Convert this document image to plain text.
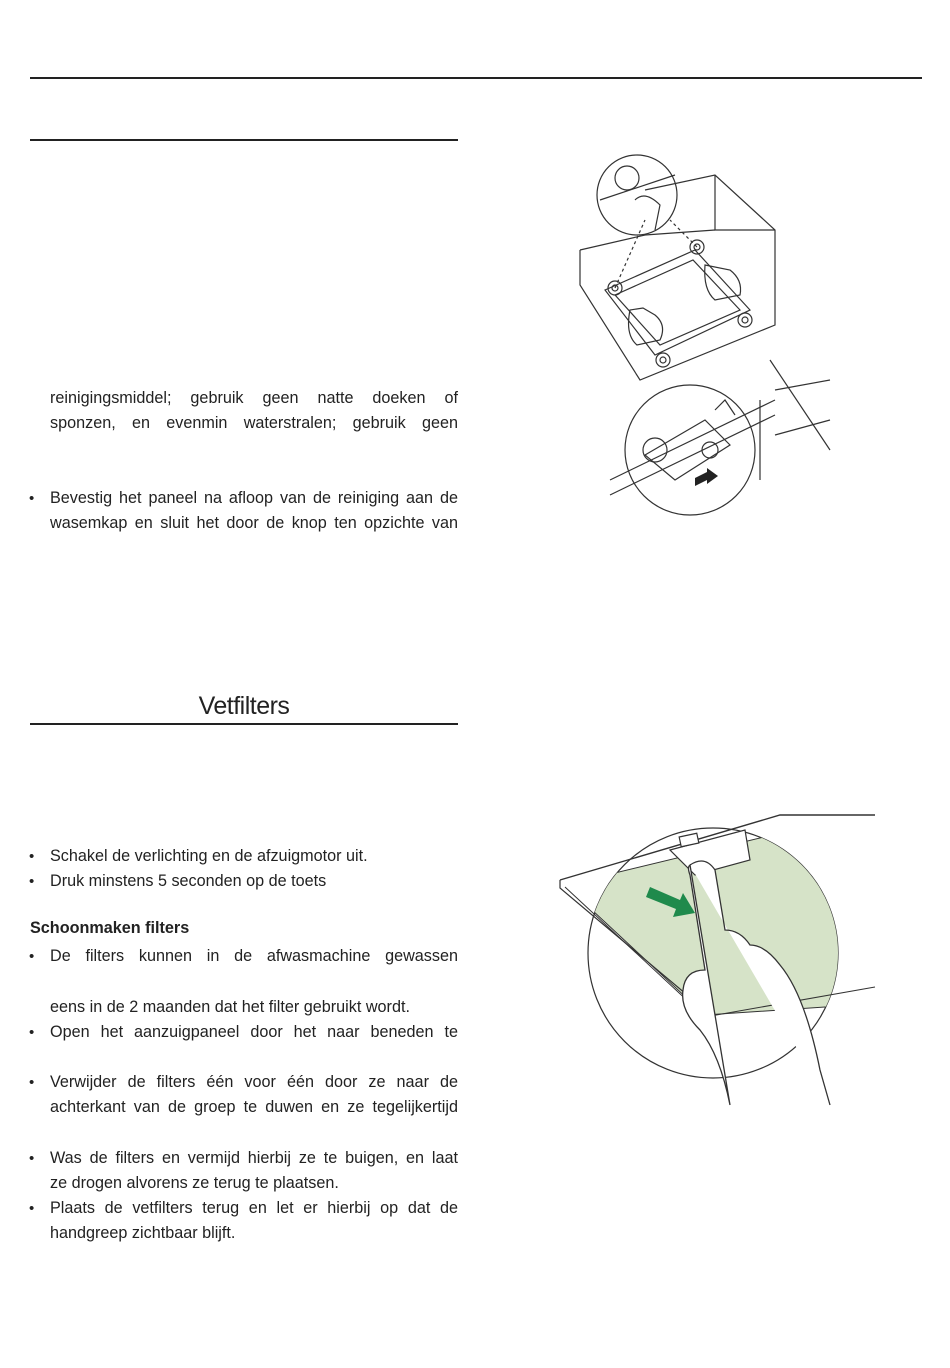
reinigingsmiddel; gebruik geen natte doeken of

sponzen, en evenmin waterstralen; gebruik geen

• Bevestig het paneel na afloop van de reiniging aan de

wasemkap en sluit het door de knop ten opzichte van

Vetfilters
• Schakel de verlichting en de afzuigmotor uit.

• Druk minstens 5 seconden op de toets

Schoonmaken filters
• De filters kunnen in de afwasmachine gewassen

eens in de 2 maanden dat het filter gebruikt wordt.

• Open het aanzuigpaneel door het naar beneden te

• Verwijder de filters één voor één door ze naar de

achterkant van de groep te duwen en ze tegelijkertijd

• Was de filters en vermijd hierbij ze te buigen, en laat

ze drogen alvorens ze terug te plaatsen.

• Plaats de vetfilters terug en let er hierbij op dat de

handgreep zichtbaar blijft.
